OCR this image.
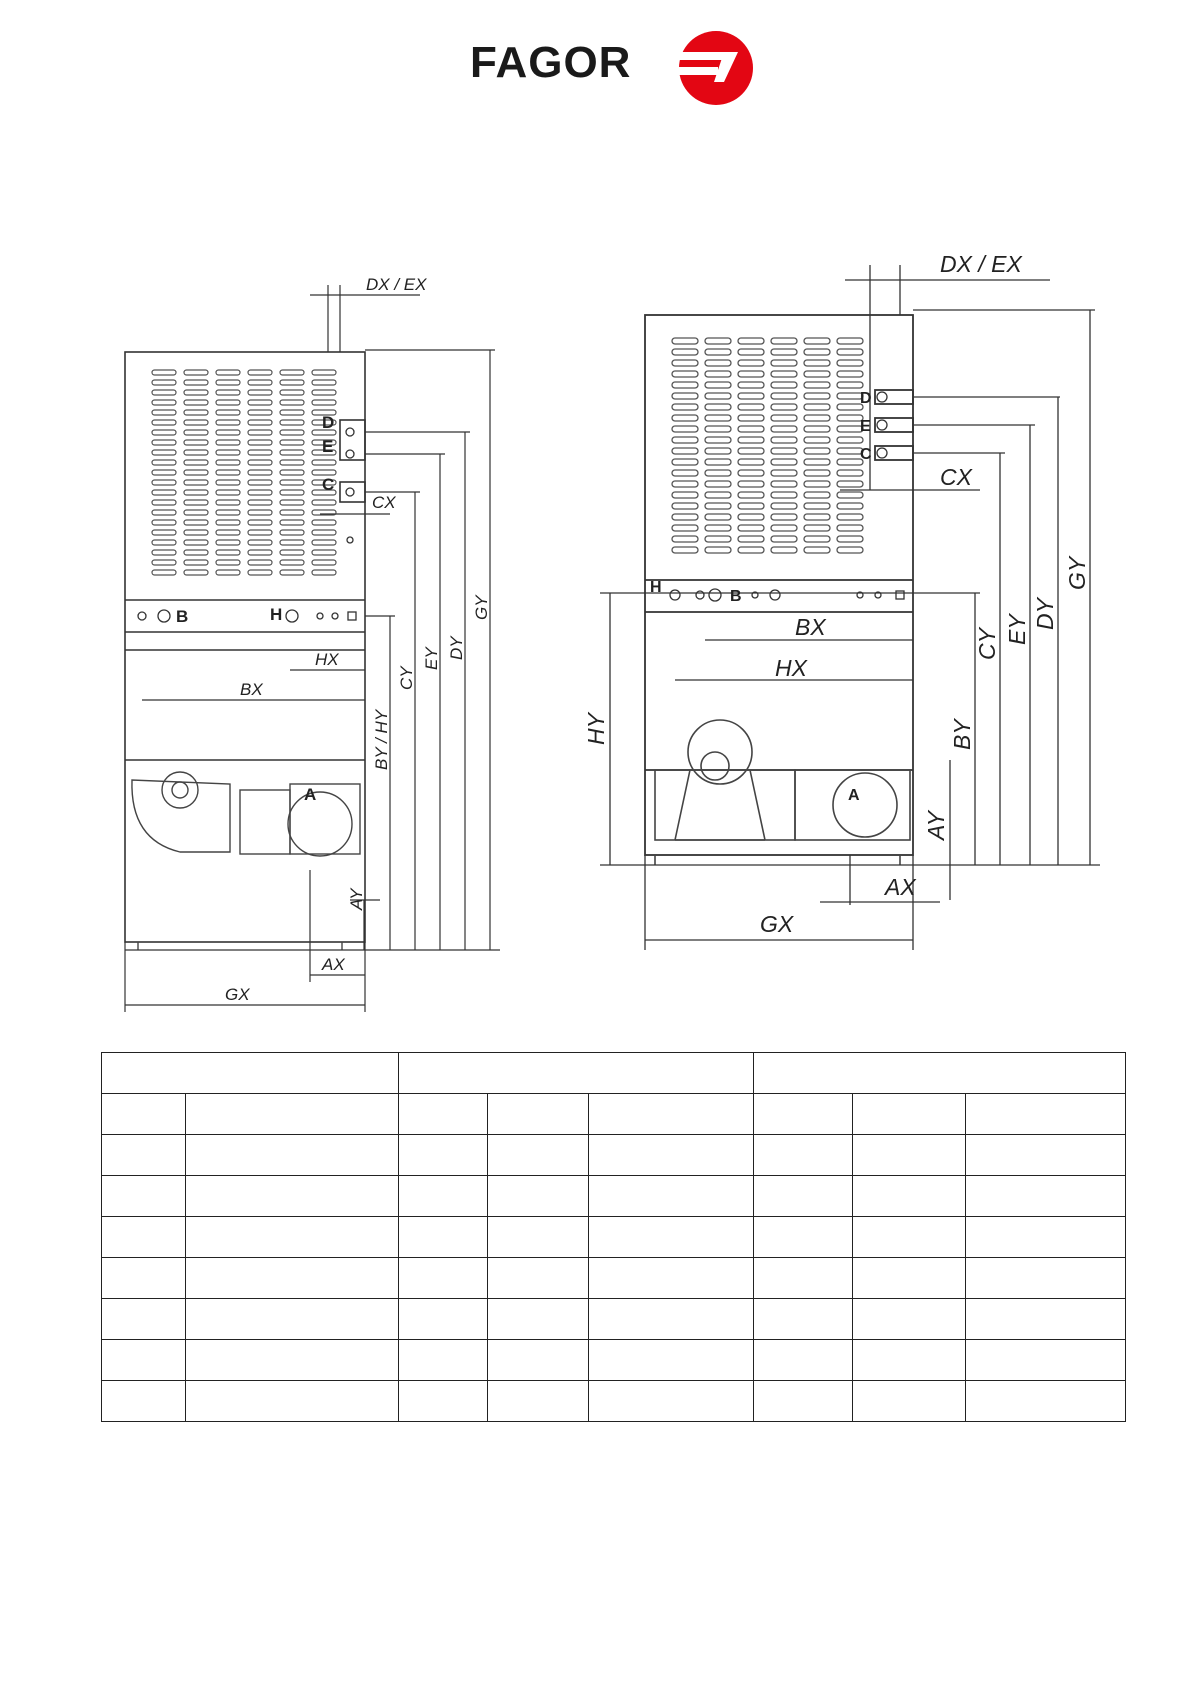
FAGOR
DX / EX
CX
BX
HX
CY
EY DY
GY
BY / HY
AY
AX
GX
D
E
C
B	H
A
DX / EX
CX
BX
HX
HY
CY EY DY
GY
BY
AY
AX
GX
D
E
C
H
B
A
